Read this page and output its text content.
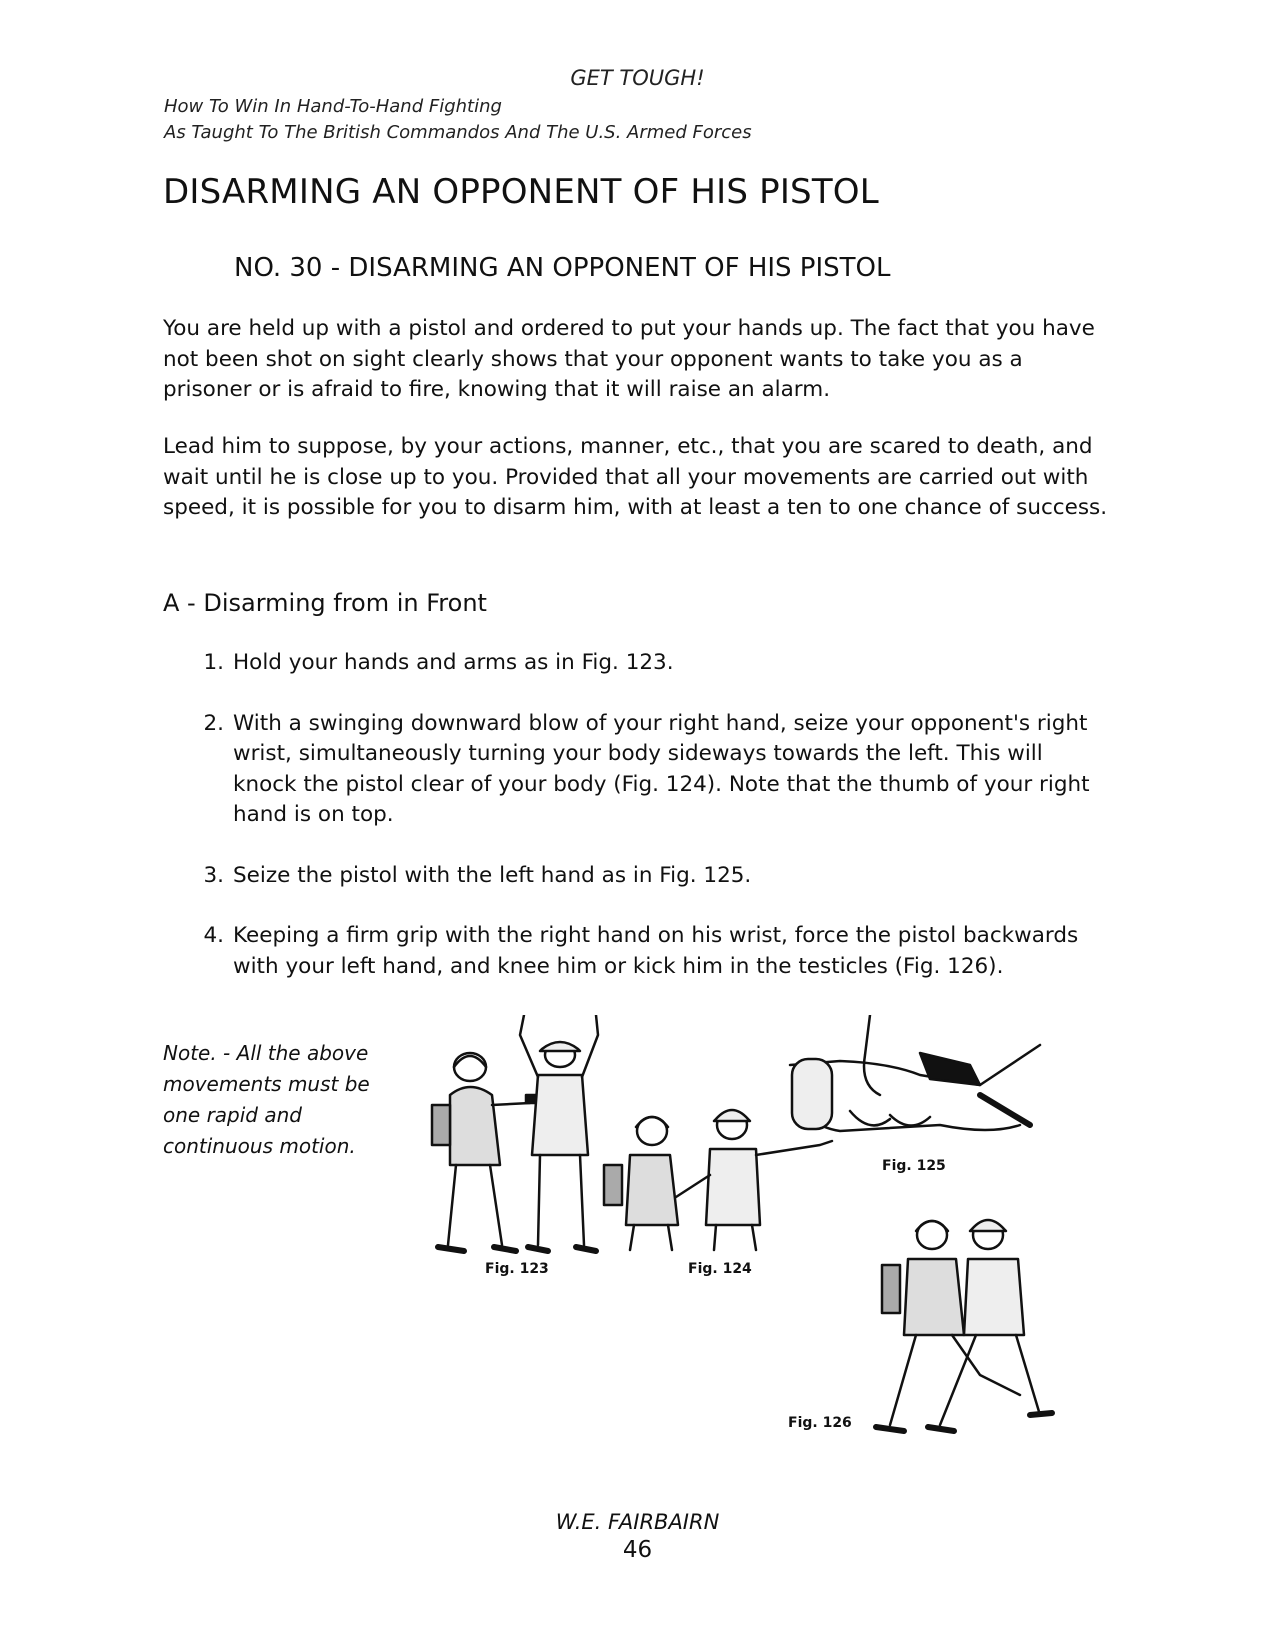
GET TOUGH!
How To Win In Hand-To-Hand Fighting
As Taught To The British Commandos And The U.S. Armed Forces
DISARMING AN OPPONENT OF HIS PISTOL
NO. 30 - DISARMING AN OPPONENT OF HIS PISTOL

You are held up with a pistol and ordered to put your hands up. The fact that you have not been shot on sight clearly shows that your opponent wants to take you as a prisoner or is afraid to fire, knowing that it will raise an alarm.

Lead him to suppose, by your actions, manner, etc., that you are scared to death, and wait until he is close up to you. Provided that all your movements are carried out with speed, it is possible for you to disarm him, with at least a ten to one chance of success.

A - Disarming from in Front
1. Hold your hands and arms as in Fig. 123.
2. With a swinging downward blow of your right hand, seize your opponent's right wrist, simultaneously turning your body sideways towards the left. This will knock the pistol clear of your body (Fig. 124). Note that the thumb of your right hand is on top.
3. Seize the pistol with the left hand as in Fig. 125.
4. Keeping a firm grip with the right hand on his wrist, force the pistol backwards with your left hand, and knee him or kick him in the testicles (Fig. 126).

Note. - All the above movements must be one rapid and continuous motion.

Fig. 123	Fig. 124
Fig. 125
Fig. 126
W.E. FAIRBAIRN
46
